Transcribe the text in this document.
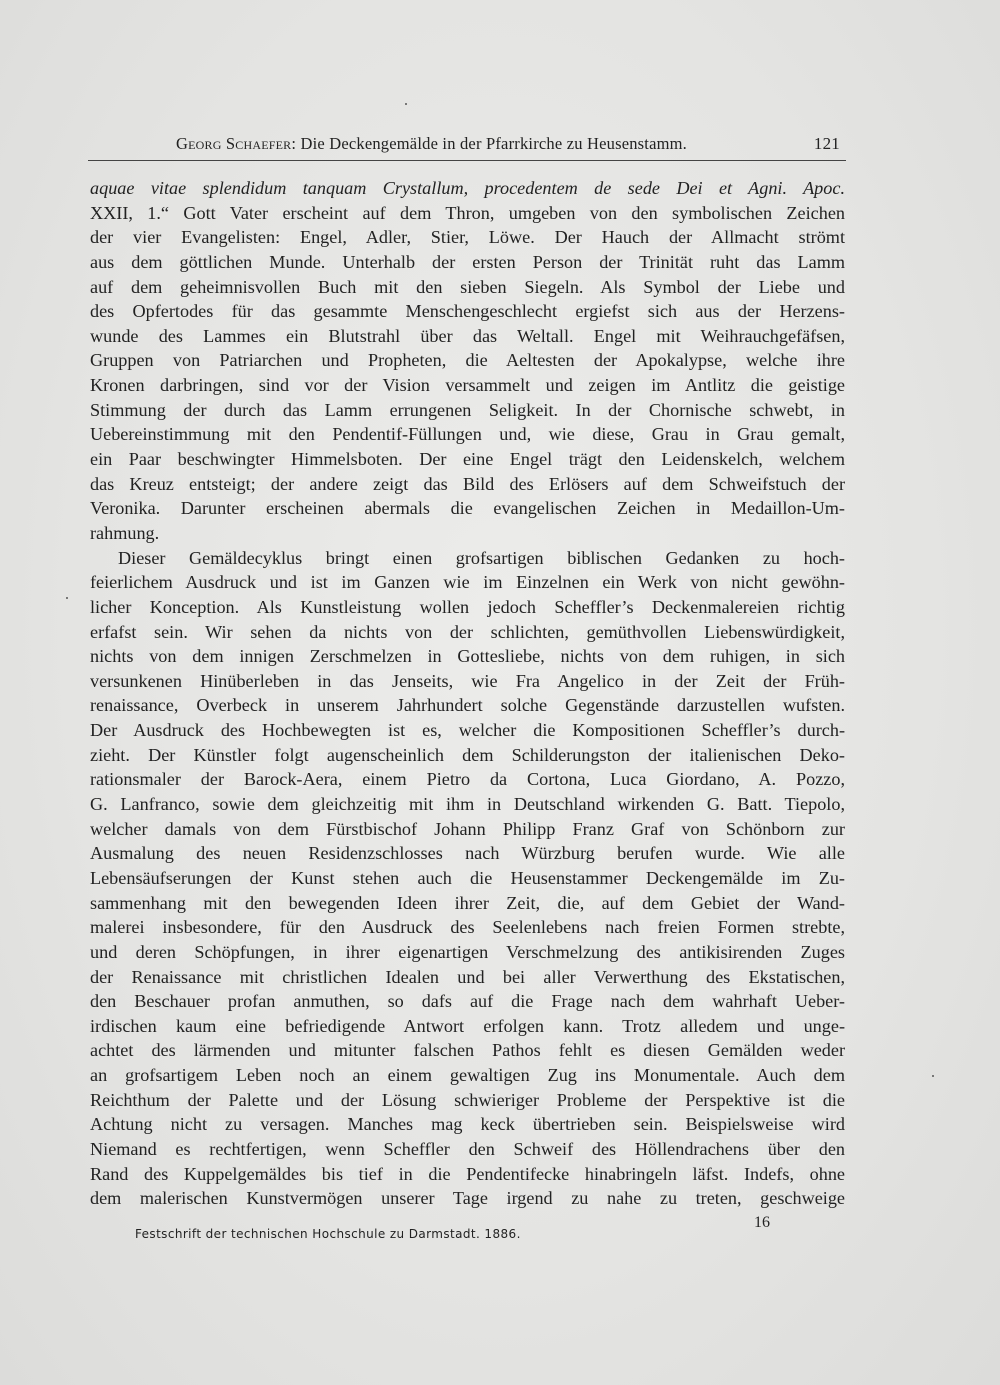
Georg Schaefer: Die Deckengemälde in der Pfarrkirche zu Heusenstamm.	121
aquae vitae splendidum tanquam Crystallum, procedentem de sede Dei et Agni. Apoc.
XXII, 1.“ Gott Vater erscheint auf dem Thron, umgeben von den symbolischen Zeichen
der vier Evangelisten: Engel, Adler, Stier, Löwe. Der Hauch der Allmacht strömt
aus dem göttlichen Munde. Unterhalb der ersten Person der Trinität ruht das Lamm
auf dem geheimnisvollen Buch mit den sieben Siegeln. Als Symbol der Liebe und
des Opfertodes für das gesammte Menschengeschlecht ergiefst sich aus der Herzens-
wunde des Lammes ein Blutstrahl über das Weltall. Engel mit Weihrauchgefäfsen,
Gruppen von Patriarchen und Propheten, die Aeltesten der Apokalypse, welche ihre
Kronen darbringen, sind vor der Vision versammelt und zeigen im Antlitz die geistige
Stimmung der durch das Lamm errungenen Seligkeit. In der Chornische schwebt, in
Uebereinstimmung mit den Pendentif-Füllungen und, wie diese, Grau in Grau gemalt,
ein Paar beschwingter Himmelsboten. Der eine Engel trägt den Leidenskelch, welchem
das Kreuz entsteigt; der andere zeigt das Bild des Erlösers auf dem Schweifstuch der
Veronika. Darunter erscheinen abermals die evangelischen Zeichen in Medaillon-Um-
rahmung.
Dieser Gemäldecyklus bringt einen grofsartigen biblischen Gedanken zu hoch-
feierlichem Ausdruck und ist im Ganzen wie im Einzelnen ein Werk von nicht gewöhn-
licher Konception. Als Kunstleistung wollen jedoch Scheffler’s Deckenmalereien richtig
erfafst sein. Wir sehen da nichts von der schlichten, gemüthvollen Liebenswürdigkeit,
nichts von dem innigen Zerschmelzen in Gottesliebe, nichts von dem ruhigen, in sich
versunkenen Hinüberleben in das Jenseits, wie Fra Angelico in der Zeit der Früh-
renaissance, Overbeck in unserem Jahrhundert solche Gegenstände darzustellen wufsten.
Der Ausdruck des Hochbewegten ist es, welcher die Kompositionen Scheffler’s durch-
zieht. Der Künstler folgt augenscheinlich dem Schilderungston der italienischen Deko-
rationsmaler der Barock-Aera, einem Pietro da Cortona, Luca Giordano, A. Pozzo,
G. Lanfranco, sowie dem gleichzeitig mit ihm in Deutschland wirkenden G. Batt. Tiepolo,
welcher damals von dem Fürstbischof Johann Philipp Franz Graf von Schönborn zur
Ausmalung des neuen Residenzschlosses nach Würzburg berufen wurde. Wie alle
Lebensäufserungen der Kunst stehen auch die Heusenstammer Deckengemälde im Zu-
sammenhang mit den bewegenden Ideen ihrer Zeit, die, auf dem Gebiet der Wand-
malerei insbesondere, für den Ausdruck des Seelenlebens nach freien Formen strebte,
und deren Schöpfungen, in ihrer eigenartigen Verschmelzung des antikisirenden Zuges
der Renaissance mit christlichen Idealen und bei aller Verwerthung des Ekstatischen,
den Beschauer profan anmuthen, so dafs auf die Frage nach dem wahrhaft Ueber-
irdischen kaum eine befriedigende Antwort erfolgen kann. Trotz alledem und unge-
achtet des lärmenden und mitunter falschen Pathos fehlt es diesen Gemälden weder
an grofsartigem Leben noch an einem gewaltigen Zug ins Monumentale. Auch dem
Reichthum der Palette und der Lösung schwieriger Probleme der Perspektive ist die
Achtung nicht zu versagen. Manches mag keck übertrieben sein. Beispielsweise wird
Niemand es rechtfertigen, wenn Scheffler den Schweif des Höllendrachens über den
Rand des Kuppelgemäldes bis tief in die Pendentifecke hinabringeln läfst. Indefs, ohne
dem malerischen Kunstvermögen unserer Tage irgend zu nahe zu treten, geschweige
Festschrift der technischen Hochschule zu Darmstadt. 1886.
16
